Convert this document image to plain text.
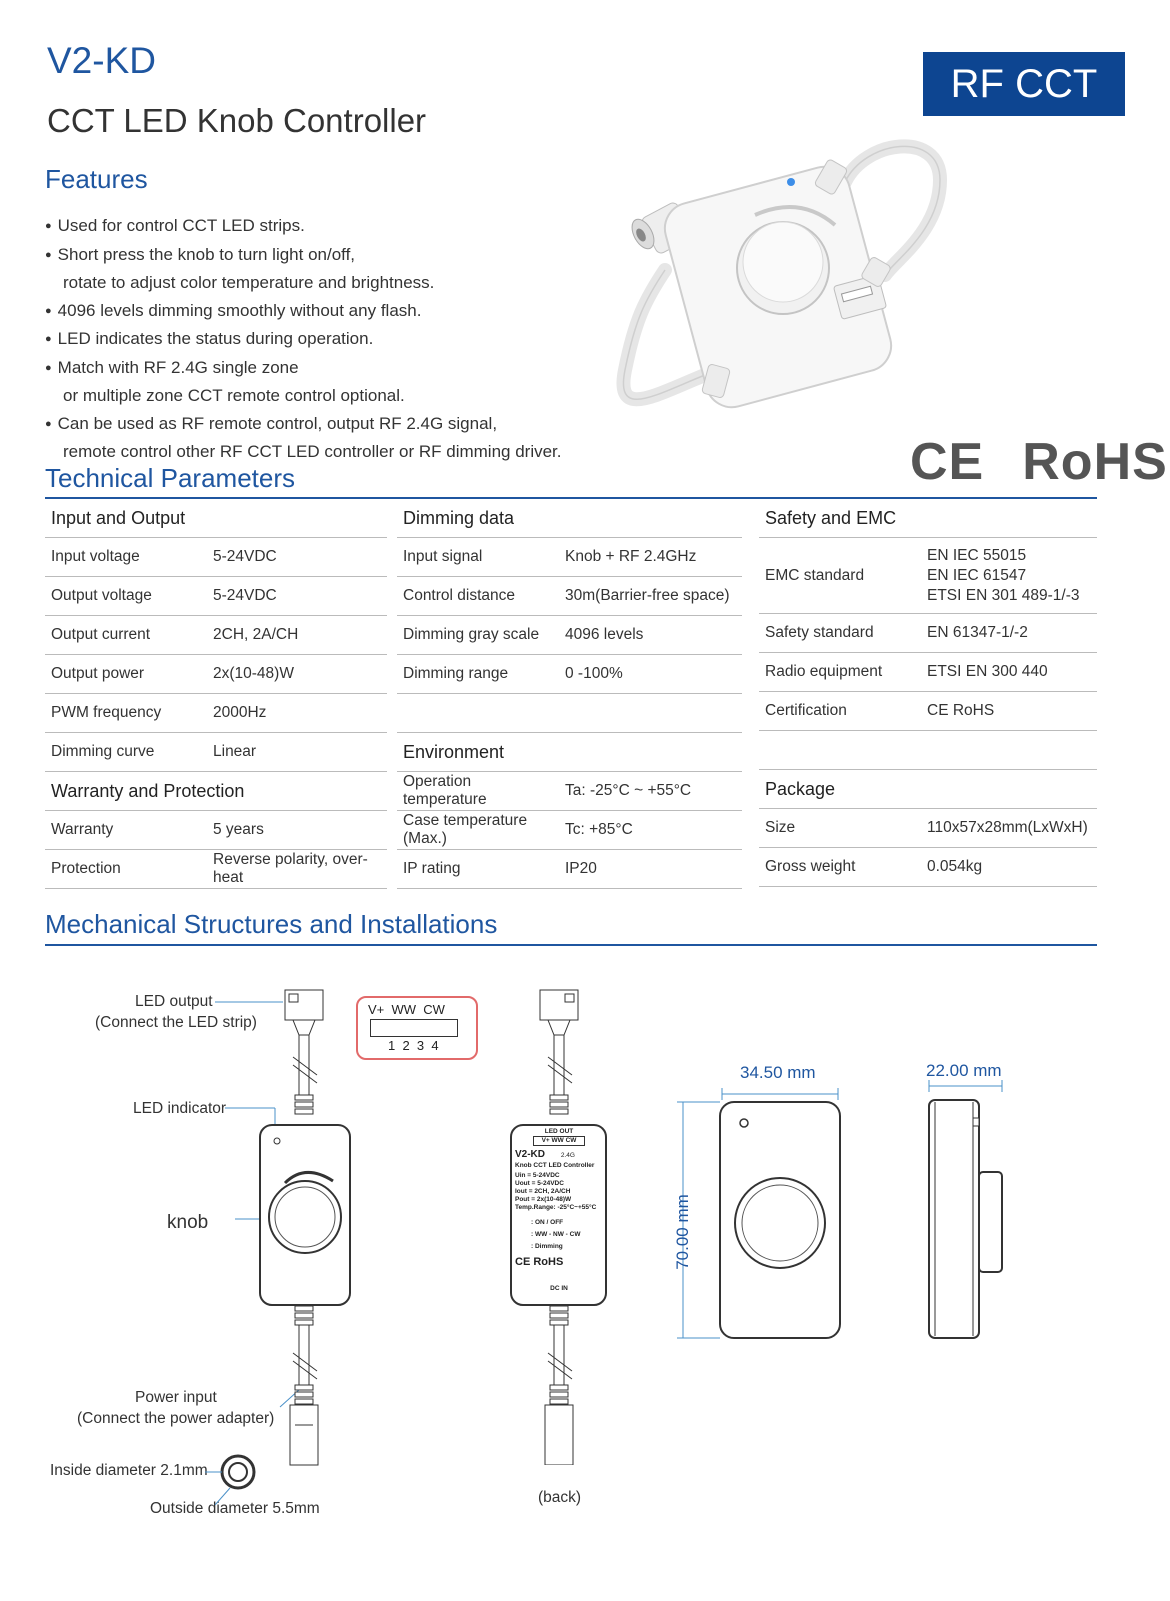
V2-KD
CCT LED Knob Controller
RF CCT
Features
● Used for control CCT LED strips.
● Short press the knob to turn light on/off,
rotate to adjust color temperature and brightness.
● 4096 levels dimming smoothly without any flash.
● LED indicates the status during operation.
● Match with RF 2.4G single zone
or multiple zone CCT remote control optional.
● Can be used as RF remote control, output RF 2.4G signal,
remote control other RF CCT LED controller or RF dimming driver.	CE RoHS
Technical Parameters
Input and Output	
Input voltage	5-24VDC
Output voltage	5-24VDC
Output current	2CH, 2A/CH
Output power	2x(10-48)W
PWM frequency	2000Hz
Dimming curve	Linear
Warranty and Protection	
Warranty	5 years
Protection	Reverse polarity, over-heat
Dimming data	
Input signal	Knob + RF 2.4GHz
Control distance	30m(Barrier-free space)
Dimming gray scale	4096 levels
Dimming range	0 -100%

Environment	
Operation temperature	Ta: -25°C ~ +55°C
Case temperature (Max.)	Tc: +85°C
IP rating	IP20
Safety and EMC	
EMC standard	EN IEC 55015
EN IEC 61547
ETSI EN 301 489-1/-3
Safety standard	EN 61347-1/-2
Radio equipment	ETSI EN 300 440
Certification	CE RoHS

Package	
Size	110x57x28mm(LxWxH)
Gross weight	0.054kg
Mechanical Structures and Installations
LED output
(Connect the LED strip)
LED indicator
knob
Power input
(Connect the power adapter)
Inside diameter 2.1mm
Outside diameter 5.5mm
(back)
V+  WW  CW
1  2  3  4
LED OUT
V+ WW CW
V2-KD 2.4G
Knob CCT LED Controller
Uin = 5-24VDC
Uout = 5-24VDC
Iout = 2CH, 2A/CH
Pout = 2x(10-48)W
Temp.Range: -25°C~+55°C
: ON / OFF
: WW - NW - CW
: Dimming
CE RoHS
DC IN
34.50 mm
70.00 mm
22.00 mm
